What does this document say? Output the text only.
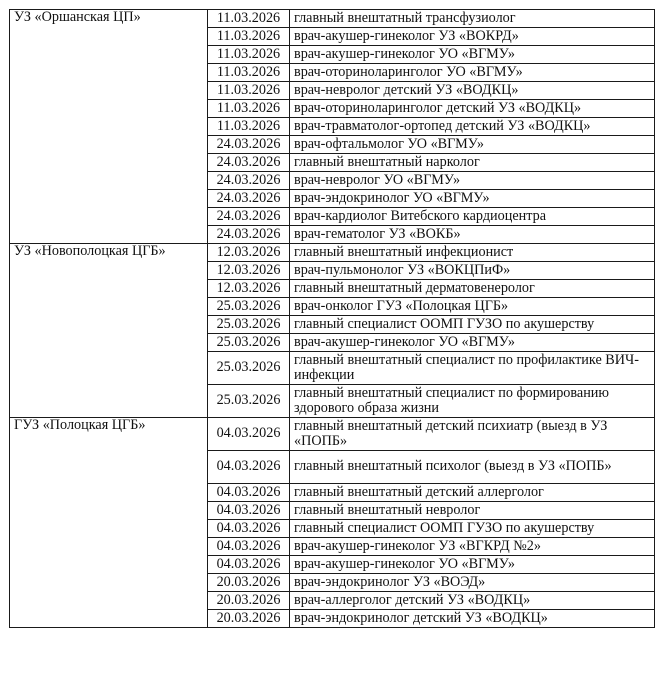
УЗ «Оршанская ЦП»	11.03.2026	главный внештатный трансфузиолог
	11.03.2026	врач-акушер-гинеколог УЗ «ВОКРД»
	11.03.2026	врач-акушер-гинеколог УО «ВГМУ»
	11.03.2026	врач-оториноларинголог УО «ВГМУ»
	11.03.2026	врач-невролог детский УЗ «ВОДКЦ»
	11.03.2026	врач-оториноларинголог детский УЗ «ВОДКЦ»
	11.03.2026	врач-травматолог-ортопед детский УЗ «ВОДКЦ»
	24.03.2026	врач-офтальмолог УО «ВГМУ»
	24.03.2026	главный внештатный нарколог
	24.03.2026	врач-невролог УО «ВГМУ»
	24.03.2026	врач-эндокринолог УО «ВГМУ»
	24.03.2026	врач-кардиолог Витебского кардиоцентра
	24.03.2026	врач-гематолог УЗ «ВОКБ»
УЗ «Новополоцкая ЦГБ»	12.03.2026	главный внештатный инфекционист
	12.03.2026	врач-пульмонолог УЗ «ВОКЦПиФ»
	12.03.2026	главный внештатный дерматовенеролог
	25.03.2026	врач-онколог ГУЗ «Полоцкая ЦГБ»
	25.03.2026	главный специалист ООМП ГУЗО по акушерству
	25.03.2026	врач-акушер-гинеколог УО «ВГМУ»
	25.03.2026	главный внештатный специалист по профилактике ВИЧ-инфекции
	25.03.2026	главный внештатный специалист по формированию здорового образа жизни
ГУЗ «Полоцкая ЦГБ»	04.03.2026	главный внештатный детский психиатр (выезд в УЗ «ПОПБ»
	04.03.2026	главный внештатный психолог (выезд в УЗ «ПОПБ»
	04.03.2026	главный внештатный детский аллерголог
	04.03.2026	главный внештатный невролог
	04.03.2026	главный специалист ООМП ГУЗО по акушерству
	04.03.2026	врач-акушер-гинеколог УЗ «ВГКРД №2»
	04.03.2026	врач-акушер-гинеколог УО «ВГМУ»
	20.03.2026	врач-эндокринолог УЗ «ВОЭД»
	20.03.2026	врач-аллерголог детский УЗ «ВОДКЦ»
	20.03.2026	врач-эндокринолог детский УЗ «ВОДКЦ»
